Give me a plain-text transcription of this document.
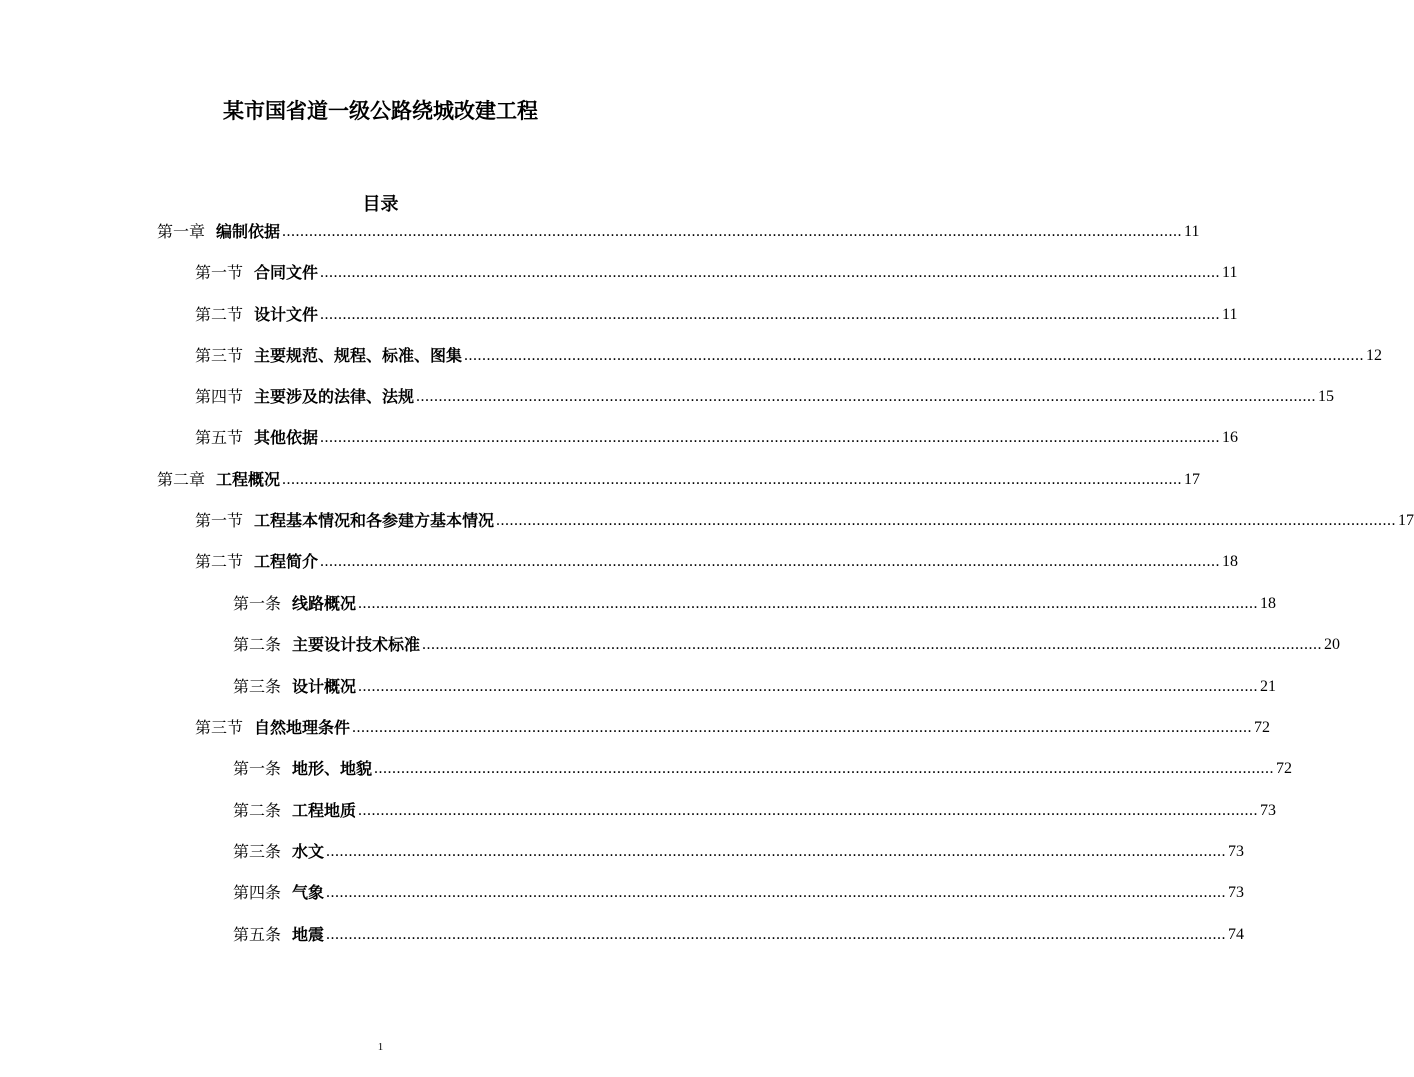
某市国省道一级公路绕城改建工程
目录
第一章 编制依据 ........................................................................................................................................................................................................ 11
第一节 合同文件 ........................................................................................................................................................................................................ 11
第二节 设计文件 ........................................................................................................................................................................................................ 11
第三节 主要规范、规程、标准、图集 ........................................................................................................................................................................................................ 12
第四节 主要涉及的法律、法规 ........................................................................................................................................................................................................ 15
第五节 其他依据 ........................................................................................................................................................................................................ 16
第二章 工程概况 ........................................................................................................................................................................................................ 17
第一节 工程基本情况和各参建方基本情况 ........................................................................................................................................................................................................ 17
第二节 工程简介 ........................................................................................................................................................................................................ 18
第一条 线路概况 ........................................................................................................................................................................................................ 18
第二条 主要设计技术标准 ........................................................................................................................................................................................................ 20
第三条 设计概况 ........................................................................................................................................................................................................ 21
第三节 自然地理条件 ........................................................................................................................................................................................................ 72
第一条 地形、地貌 ........................................................................................................................................................................................................ 72
第二条 工程地质 ........................................................................................................................................................................................................ 73
第三条 水文 ........................................................................................................................................................................................................ 73
第四条 气象 ........................................................................................................................................................................................................ 73
第五条 地震 ........................................................................................................................................................................................................ 74
1
